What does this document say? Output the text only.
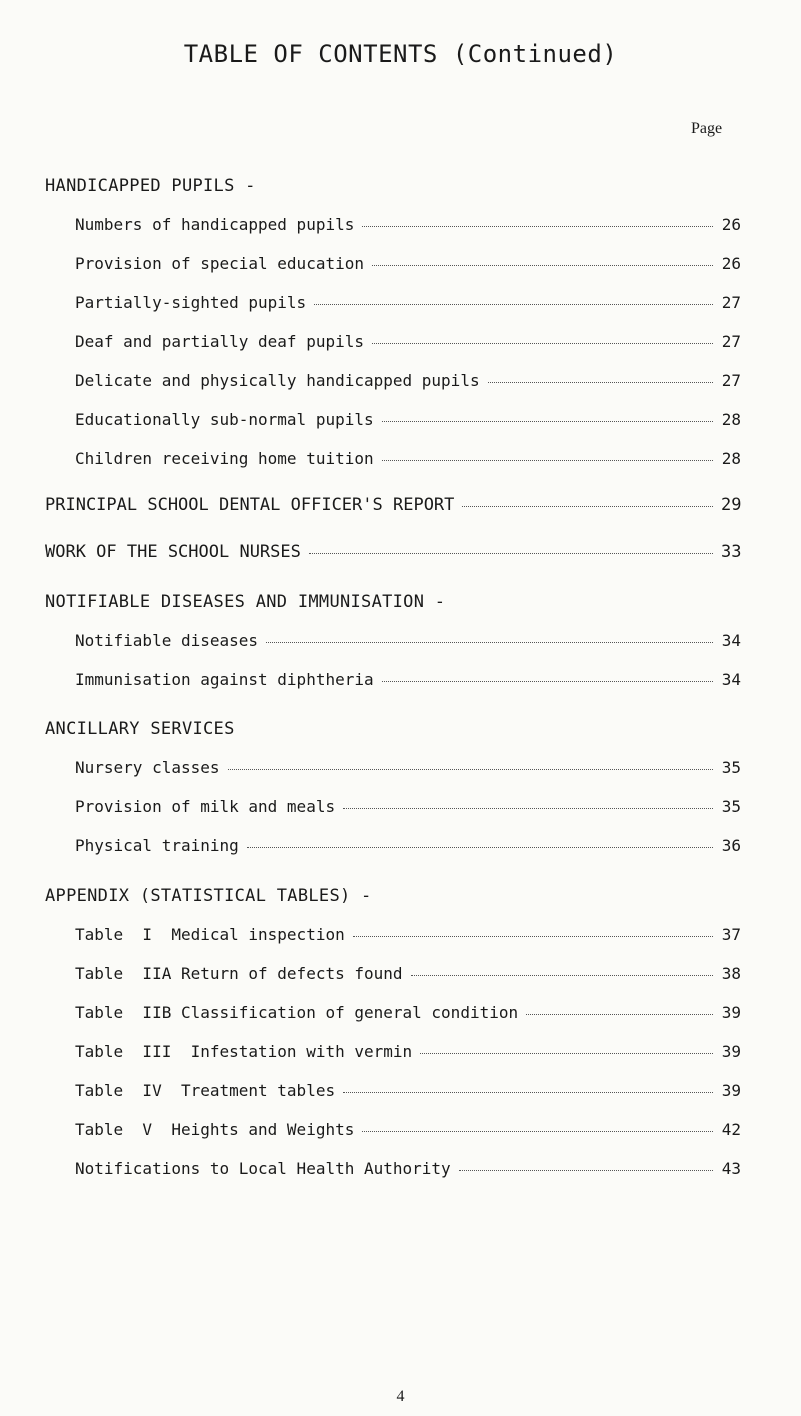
TABLE OF CONTENTS (Continued)
Page
HANDICAPPED PUPILS -
Numbers of handicapped pupils	26
Provision of special education	26
Partially-sighted pupils	27
Deaf and partially deaf pupils	27
Delicate and physically handicapped pupils	27
Educationally sub-normal pupils	28
Children receiving home tuition	28
PRINCIPAL SCHOOL DENTAL OFFICER'S REPORT	29
WORK OF THE SCHOOL NURSES	33
NOTIFIABLE DISEASES AND IMMUNISATION -
Notifiable diseases	34
Immunisation against diphtheria	34
ANCILLARY SERVICES
Nursery classes	35
Provision of milk and meals	35
Physical training	36
APPENDIX (STATISTICAL TABLES) -
Table  I  Medical inspection	37
Table  IIA Return of defects found	38
Table  IIB Classification of general condition	39
Table  III  Infestation with vermin	39
Table  IV  Treatment tables	39
Table  V  Heights and Weights	42
Notifications to Local Health Authority	43
4
